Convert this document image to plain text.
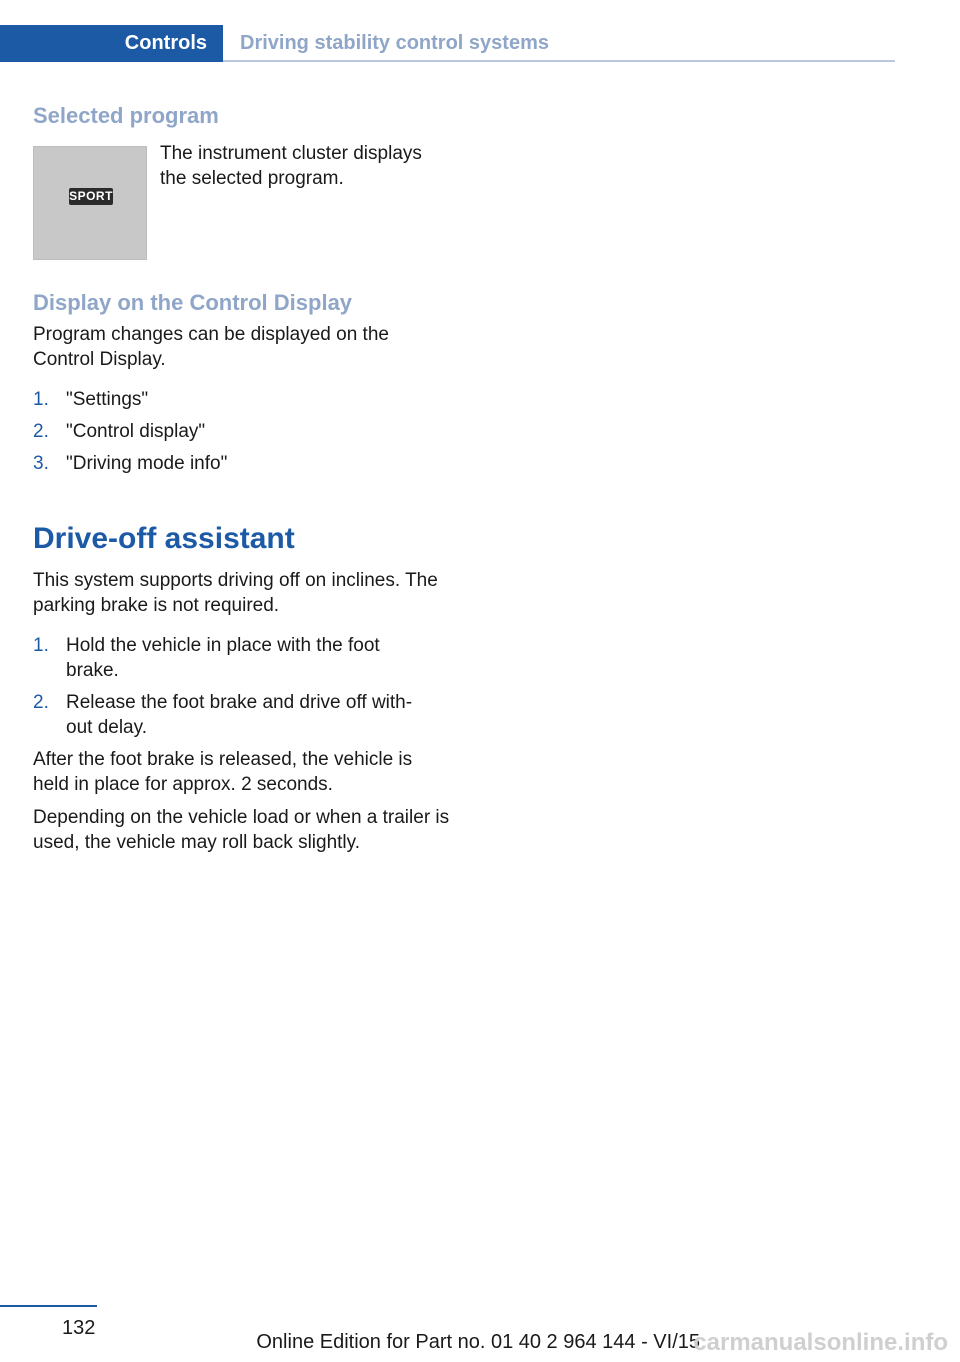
Controls Driving stability control systems
Selected program
SPORT
The instrument cluster displays the selected program.
Display on the Control Display
Program changes can be displayed on the Control Display.
1. "Settings"
2. "Control display"
3. "Driving mode info"
Drive-off assistant
This system supports driving off on inclines. The parking brake is not required.
1. Hold the vehicle in place with the foot brake.
2. Release the foot brake and drive off without delay.
After the foot brake is released, the vehicle is held in place for approx. 2 seconds.
Depending on the vehicle load or when a trailer is used, the vehicle may roll back slightly.
132
Online Edition for Part no. 01 40 2 964 144 - VI/15
carmanualsonline.info
